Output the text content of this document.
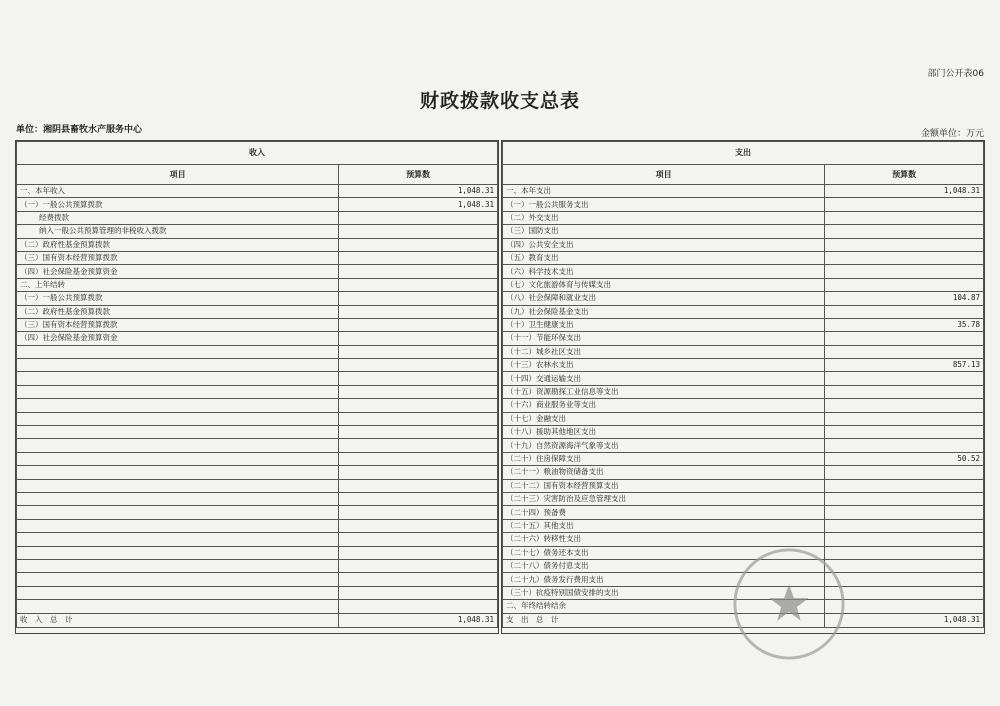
部门公开表06
财政拨款收支总表
单位：湘阴县畜牧水产服务中心	金额单位：万元
收入	
项目	预算数
一、本年收入	1,048.31
（一）一般公共预算拨款	1,048.31
经费拨款	
纳入一般公共预算管理的非税收入拨款	
（二）政府性基金预算拨款	
（三）国有资本经营预算拨款	
（四）社会保险基金预算资金	
二、上年结转	
（一）一般公共预算拨款	
（二）政府性基金预算拨款	
（三）国有资本经营预算拨款	
（四）社会保险基金预算资金	

收　入　总　计	1,048.31
支出	
项目	预算数
一、本年支出	1,048.31
（一）一般公共服务支出	
（二）外交支出	
（三）国防支出	
（四）公共安全支出	
（五）教育支出	
（六）科学技术支出	
（七）文化旅游体育与传媒支出	
（八）社会保障和就业支出	104.87
（九）社会保险基金支出	
（十）卫生健康支出	35.78
（十一）节能环保支出	
（十二）城乡社区支出	
（十三）农林水支出	857.13
（十四）交通运输支出	
（十五）资源勘探工业信息等支出	
（十六）商业服务业等支出	
（十七）金融支出	
（十八）援助其他地区支出	
（十九）自然资源海洋气象等支出	
（二十）住房保障支出	50.52
（二十一）粮油物资储备支出	
（二十二）国有资本经营预算支出	
（二十三）灾害防治及应急管理支出	
（二十四）预备费	
（二十五）其他支出	
（二十六）转移性支出	
（二十七）债务还本支出	
（二十八）债务付息支出	
（二十九）债务发行费用支出	
（三十）抗疫特别国债安排的支出	
二、年终结转结余	
支　出　总　计	1,048.31
